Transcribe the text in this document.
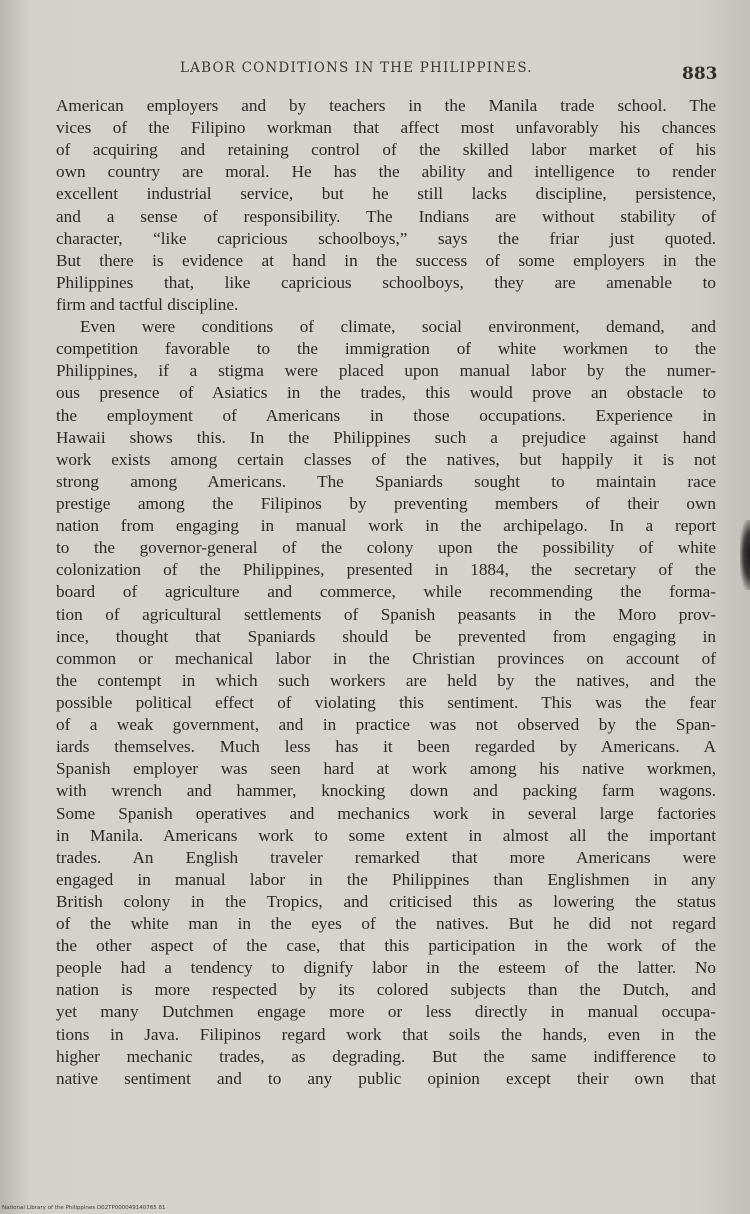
LABOR CONDITIONS IN THE PHILIPPINES.	883
American employers and by teachers in the Manila trade school. The
vices of the Filipino workman that affect most unfavorably his chances
of acquiring and retaining control of the skilled labor market of his
own country are moral. He has the ability and intelligence to render
excellent industrial service, but he still lacks discipline, persistence,
and a sense of responsibility. The Indians are without stability of
character, “like capricious schoolboys,” says the friar just quoted.
But there is evidence at hand in the success of some employers in the
Philippines that, like capricious schoolboys, they are amenable to
firm and tactful discipline.
Even were conditions of climate, social environment, demand, and
competition favorable to the immigration of white workmen to the
Philippines, if a stigma were placed upon manual labor by the numer-
ous presence of Asiatics in the trades, this would prove an obstacle to
the employment of Americans in those occupations. Experience in
Hawaii shows this. In the Philippines such a prejudice against hand
work exists among certain classes of the natives, but happily it is not
strong among Americans. The Spaniards sought to maintain race
prestige among the Filipinos by preventing members of their own
nation from engaging in manual work in the archipelago. In a report
to the governor-general of the colony upon the possibility of white
colonization of the Philippines, presented in 1884, the secretary of the
board of agriculture and commerce, while recommending the forma-
tion of agricultural settlements of Spanish peasants in the Moro prov-
ince, thought that Spaniards should be prevented from engaging in
common or mechanical labor in the Christian provinces on account of
the contempt in which such workers are held by the natives, and the
possible political effect of violating this sentiment. This was the fear
of a weak government, and in practice was not observed by the Span-
iards themselves. Much less has it been regarded by Americans. A
Spanish employer was seen hard at work among his native workmen,
with wrench and hammer, knocking down and packing farm wagons.
Some Spanish operatives and mechanics work in several large factories
in Manila. Americans work to some extent in almost all the important
trades. An English traveler remarked that more Americans were
engaged in manual labor in the Philippines than Englishmen in any
British colony in the Tropics, and criticised this as lowering the status
of the white man in the eyes of the natives. But he did not regard
the other aspect of the case, that this participation in the work of the
people had a tendency to dignify labor in the esteem of the latter. No
nation is more respected by its colored subjects than the Dutch, and
yet many Dutchmen engage more or less directly in manual occupa-
tions in Java. Filipinos regard work that soils the hands, even in the
higher mechanic trades, as degrading. But the same indifference to
native sentiment and to any public opinion except their own that
National Library of the Philippines D02TP000049140765 81
